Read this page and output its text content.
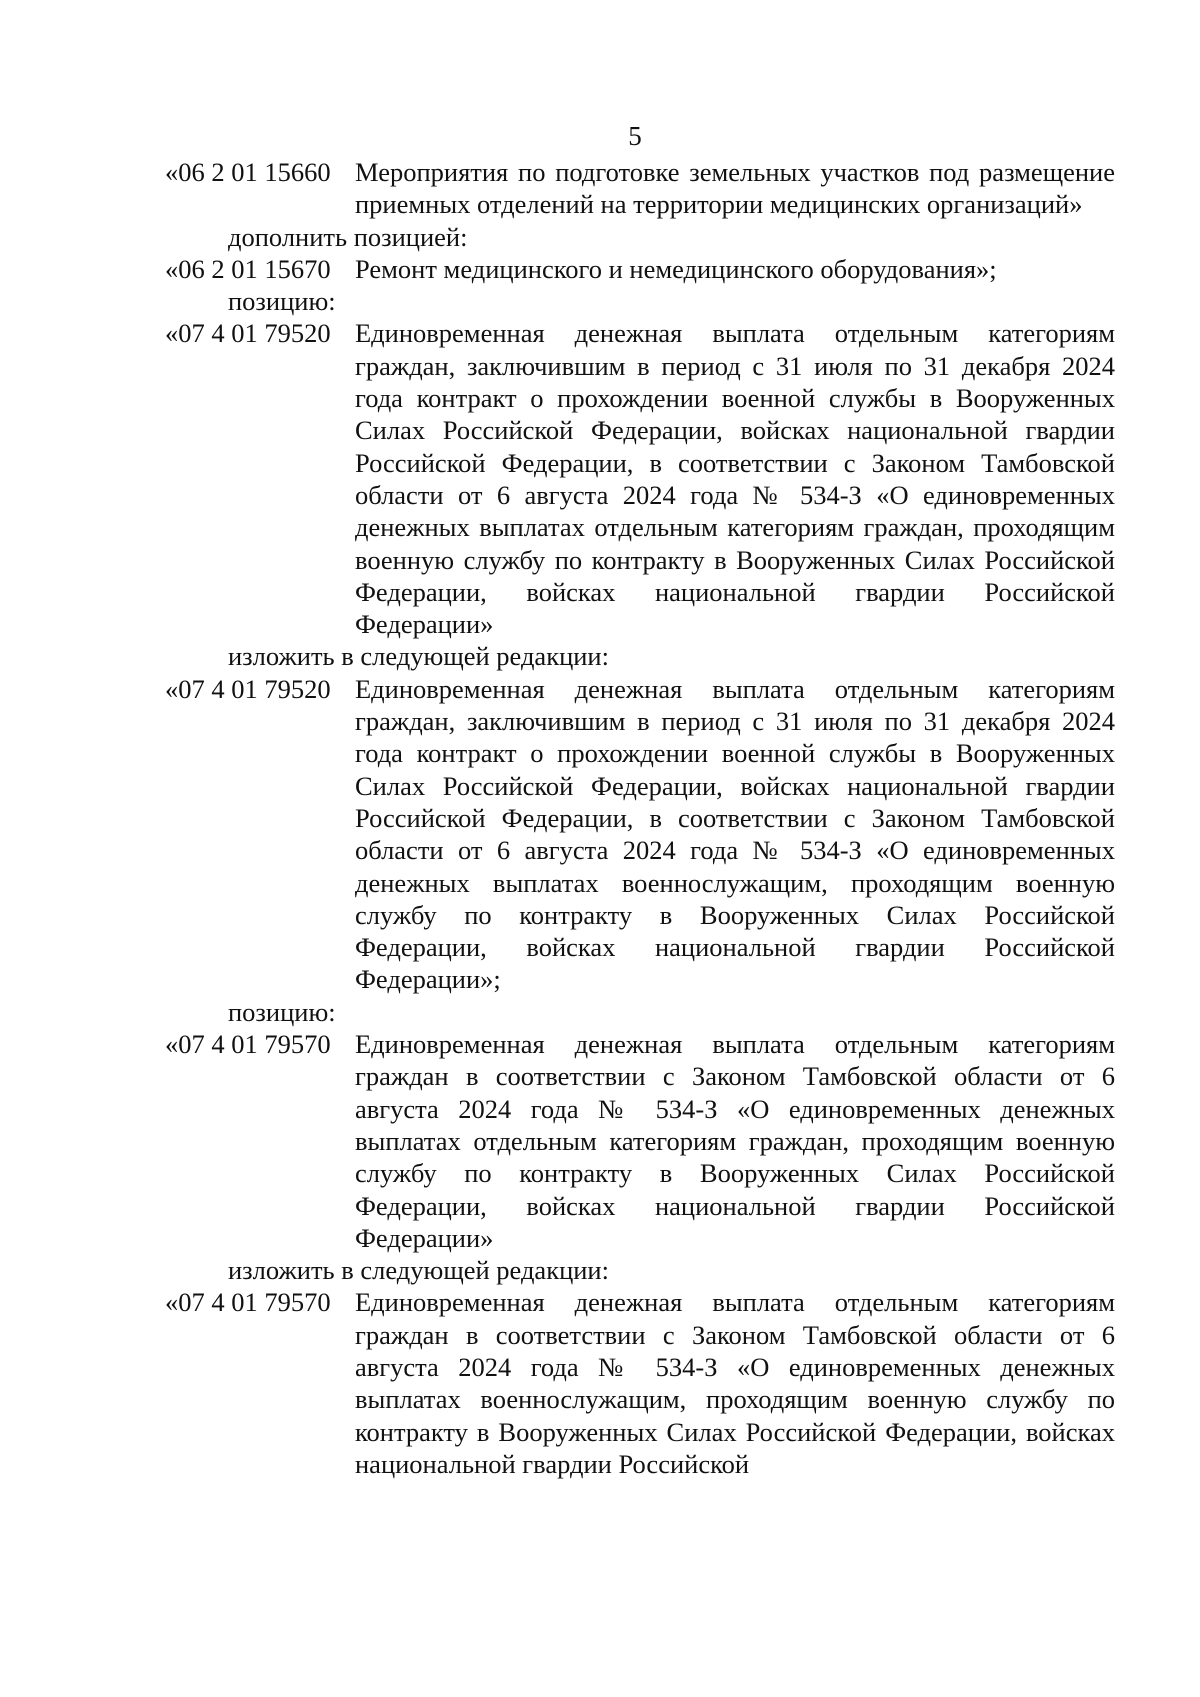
5
«06 2 01 15660 Мероприятия по подготовке земельных участков под размещение приемных отделений на территории медицинских организаций»
дополнить позицией:
«06 2 01 15670 Ремонт медицинского и немедицинского оборудования»;
позицию:
«07 4 01 79520 Единовременная денежная выплата отдельным категориям граждан, заключившим в период с 31 июля по 31 декабря 2024 года контракт о прохождении военной службы в Вооруженных Силах Российской Федерации, войсках национальной гвардии Российской Федерации, в соответствии с Законом Тамбовской области от 6 августа 2024 года № 534-З «О единовременных денежных выплатах отдельным категориям граждан, проходящим военную службу по контракту в Вооруженных Силах Российской Федерации, войсках национальной гвардии Российской Федерации»
изложить в следующей редакции:
«07 4 01 79520 Единовременная денежная выплата отдельным категориям граждан, заключившим в период с 31 июля по 31 декабря 2024 года контракт о прохождении военной службы в Вооруженных Силах Российской Федерации, войсках национальной гвардии Российской Федерации, в соответствии с Законом Тамбовской области от 6 августа 2024 года № 534-З «О единовременных денежных выплатах военнослужащим, проходящим военную службу по контракту в Вооруженных Силах Российской Федерации, войсках национальной гвардии Российской Федерации»;
позицию:
«07 4 01 79570 Единовременная денежная выплата отдельным категориям граждан в соответствии с Законом Тамбовской области от 6 августа 2024 года № 534-З «О единовременных денежных выплатах отдельным категориям граждан, проходящим военную службу по контракту в Вооруженных Силах Российской Федерации, войсках национальной гвардии Российской Федерации»
изложить в следующей редакции:
«07 4 01 79570 Единовременная денежная выплата отдельным категориям граждан в соответствии с Законом Тамбовской области от 6 августа 2024 года № 534-З «О единовременных денежных выплатах военнослужащим, проходящим военную службу по контракту в Вооруженных Силах Российской Федерации, войсках национальной гвардии Российской
